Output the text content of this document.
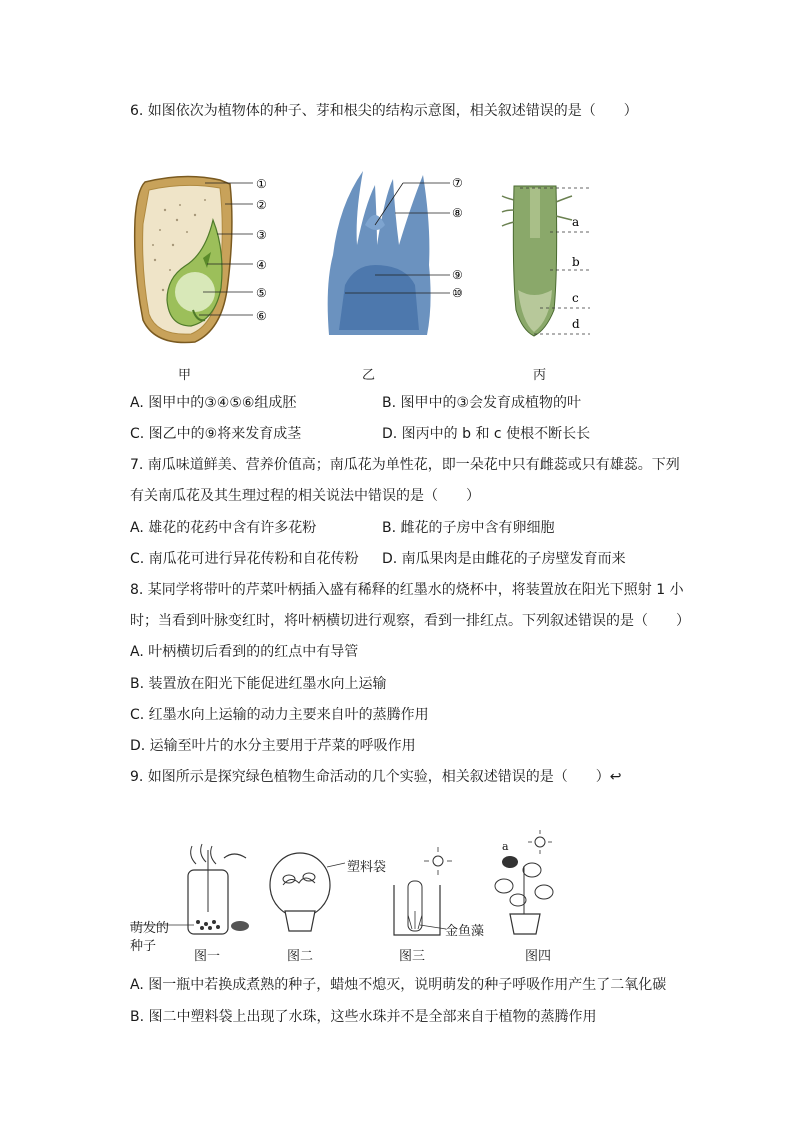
6. 如图依次为植物体的种子、芽和根尖的结构示意图，相关叙述错误的是（　　）
①
②
③
④
⑤
⑥
⑦
⑧
⑨
⑩
a
b
c
d
甲	乙	丙
A. 图甲中的③④⑤⑥组成胚	B. 图甲中的③会发育成植物的叶
C. 图乙中的⑨将来发育成茎	D. 图丙中的 b 和 c 使根不断长长
7. 南瓜味道鲜美、营养价值高；南瓜花为单性花，即一朵花中只有雌蕊或只有雄蕊。下列
有关南瓜花及其生理过程的相关说法中错误的是（　　）
A. 雄花的花药中含有许多花粉	B. 雌花的子房中含有卵细胞
C. 南瓜花可进行异花传粉和自花传粉 D. 南瓜果肉是由雌花的子房壁发育而来
8. 某同学将带叶的芹菜叶柄插入盛有稀释的红墨水的烧杯中，将装置放在阳光下照射 1 小
时；当看到叶脉变红时，将叶柄横切进行观察，看到一排红点。下列叙述错误的是（　　）
A. 叶柄横切后看到的的红点中有导管
B. 装置放在阳光下能促进红墨水向上运输
C. 红墨水向上运输的动力主要来自叶的蒸腾作用
D. 运输至叶片的水分主要用于芹菜的呼吸作用
9. 如图所示是探究绿色植物生命活动的几个实验，相关叙述错误的是（　　）↩
萌发的
种子
塑料袋
金鱼藻
a
图一	图二	图三	图四
A. 图一瓶中若换成煮熟的种子，蜡烛不熄灭，说明萌发的种子呼吸作用产生了二氧化碳
B. 图二中塑料袋上出现了水珠，这些水珠并不是全部来自于植物的蒸腾作用
